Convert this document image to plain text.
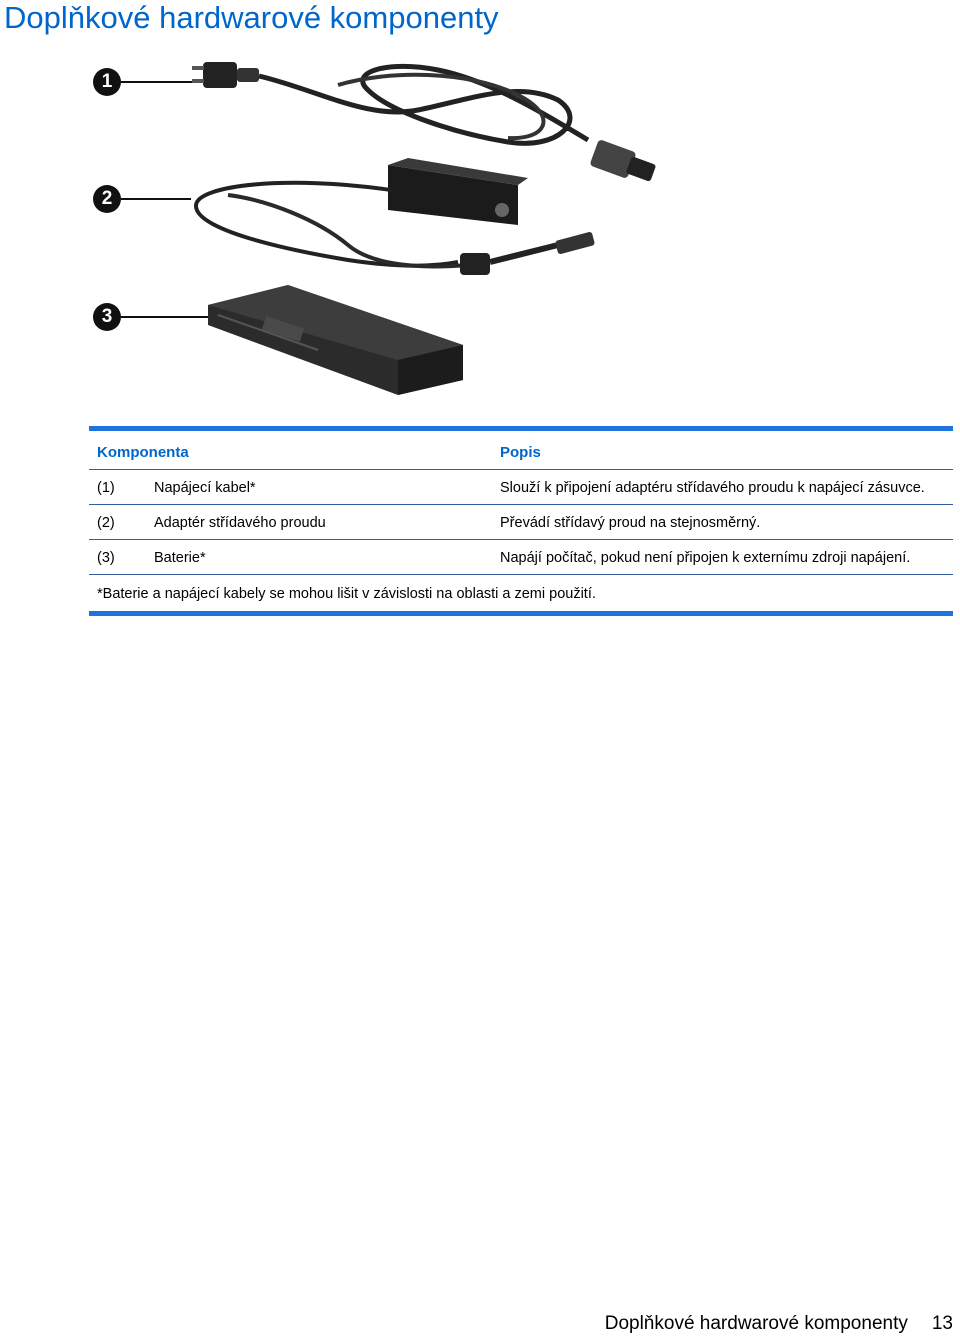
Doplňkové hardwarové komponenty
1
2
3
Komponenta	Popis
(1)	Napájecí kabel*	Slouží k připojení adaptéru střídavého proudu k napájecí zásuvce.
(2)	Adaptér střídavého proudu	Převádí střídavý proud na stejnosměrný.
(3)	Baterie*	Napájí počítač, pokud není připojen k externímu zdroji napájení.
*Baterie a napájecí kabely se mohou lišit v závislosti na oblasti a zemi použití.
Doplňkové hardwarové komponenty 13
